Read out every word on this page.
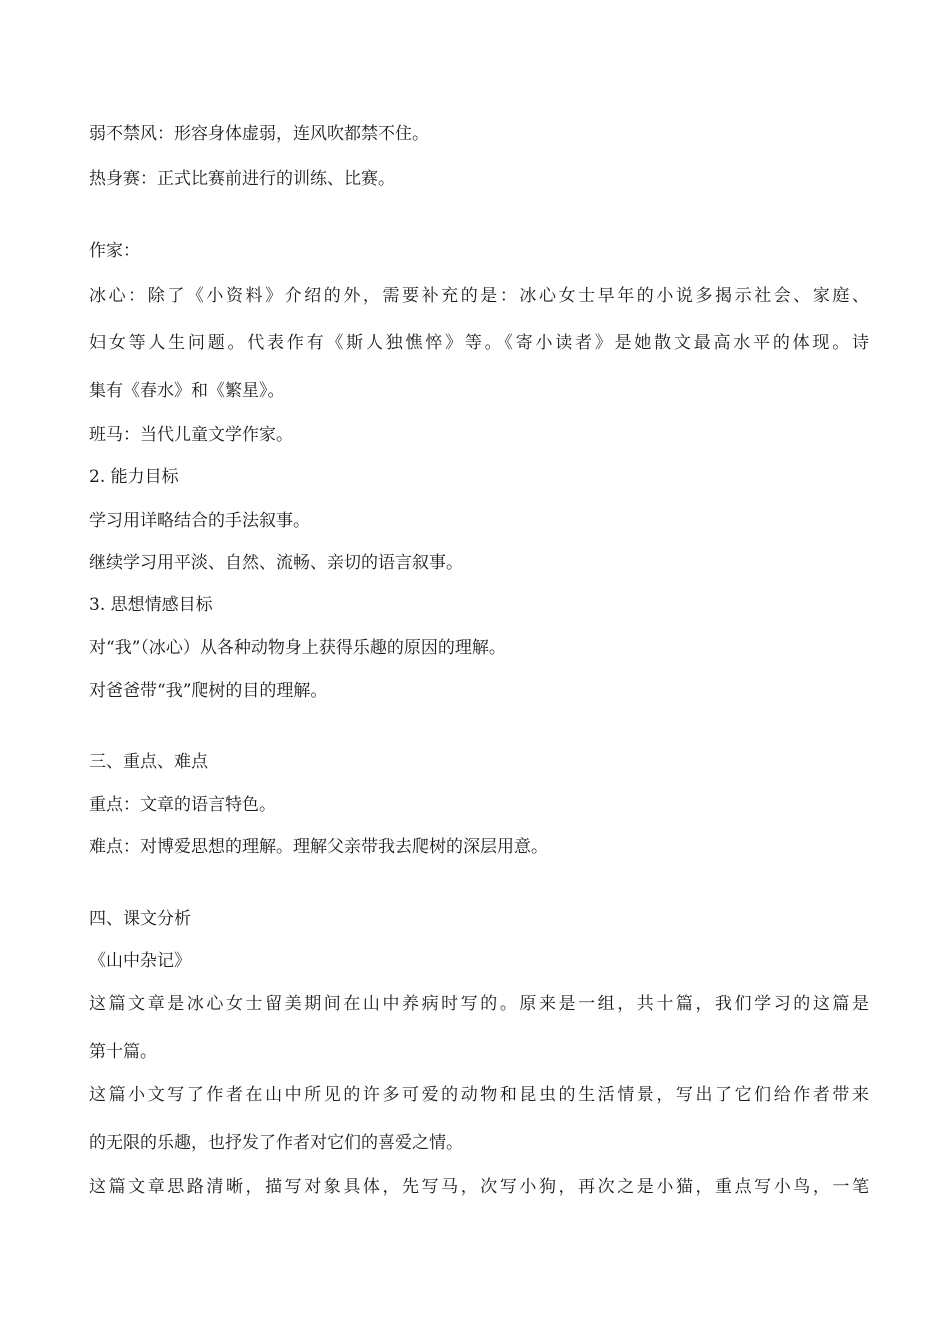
弱不禁风：形容身体虚弱，连风吹都禁不住。
热身赛：正式比赛前进行的训练、比赛。
作家：
冰心：除了《小资料》介绍的外，需要补充的是：冰心女士早年的小说多揭示社会、家庭、
妇女等人生问题。代表作有《斯人独憔悴》等。《寄小读者》是她散文最高水平的体现。诗
集有《春水》和《繁星》。
班马：当代儿童文学作家。
2. 能力目标
学习用详略结合的手法叙事。
继续学习用平淡、自然、流畅、亲切的语言叙事。
3. 思想情感目标
对“我”（冰心）从各种动物身上获得乐趣的原因的理解。
对爸爸带“我”爬树的目的理解。
三、重点、难点
重点：文章的语言特色。
难点：对博爱思想的理解。理解父亲带我去爬树的深层用意。
四、课文分析
《山中杂记》
这篇文章是冰心女士留美期间在山中养病时写的。原来是一组，共十篇，我们学习的这篇是
第十篇。
这篇小文写了作者在山中所见的许多可爱的动物和昆虫的生活情景，写出了它们给作者带来
的无限的乐趣，也抒发了作者对它们的喜爱之情。
这篇文章思路清晰，描写对象具体，先写马，次写小狗，再次之是小猫，重点写小鸟，一笔
